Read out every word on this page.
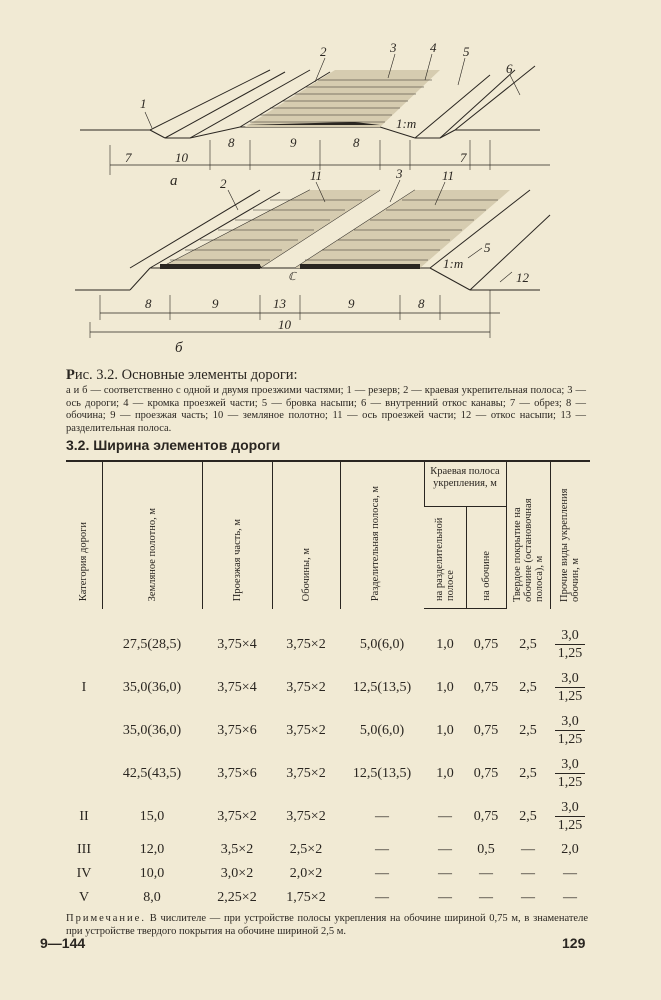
7	10
8	9	8
7
1
2	3	4 5
6
1:m
а
8	9	13	9	8
10
2
11	3	11
5
12
1:m
ℂ
б
Рис. 3.2. Основные элементы дороги:
а и б — соответственно с одной и двумя проезжими частями; 1 — резерв; 2 — краевая укрепительная полоса; 3 — ось дороги; 4 — кромка проезжей части; 5 — бровка насыпи; 6 — внутренний откос канавы; 7 — обрез; 8 — обочина; 9 — проезжая часть; 10 — земляное полотно; 11 — ось проезжей части; 12 — откос насыпи; 13 — разделительная полоса.
3.2. Ширина элементов дороги
Категория дороги	Земляное полотно, м	Проезжая часть, м	Обочины, м	Разделительная полоса, м	Краевая полоса укрепления, м		Твердое покрытие на обочине (остановочная полоса), м	Прочие виды укрепления обочин, м
					на разделительной полосе	на обочине		

	27,5(28,5)	3,75×4	3,75×2	5,0(6,0)	1,0	0,75	2,5	$\frac{3,0}{1,25}$
I	35,0(36,0)	3,75×4	3,75×2	12,5(13,5)	1,0	0,75	2,5	$\frac{3,0}{1,25}$
	35,0(36,0)	3,75×6	3,75×2	5,0(6,0)	1,0	0,75	2,5	$\frac{3,0}{1,25}$
	42,5(43,5)	3,75×6	3,75×2	12,5(13,5)	1,0	0,75	2,5	$\frac{3,0}{1,25}$
II	15,0	3,75×2	3,75×2	—	—	0,75	2,5	$\frac{3,0}{1,25}$
III	12,0	3,5×2	2,5×2	—	—	0,5	—	2,0
IV	10,0	3,0×2	2,0×2	—	—	—	—	—
V	8,0	2,25×2	1,75×2	—	—	—	—	—
Примечание. В числителе — при устройстве полосы укрепления на обочине шириной 0,75 м, в знаменателе при устройстве твердого покрытия на обочине шириной 2,5 м.
9—144	129
